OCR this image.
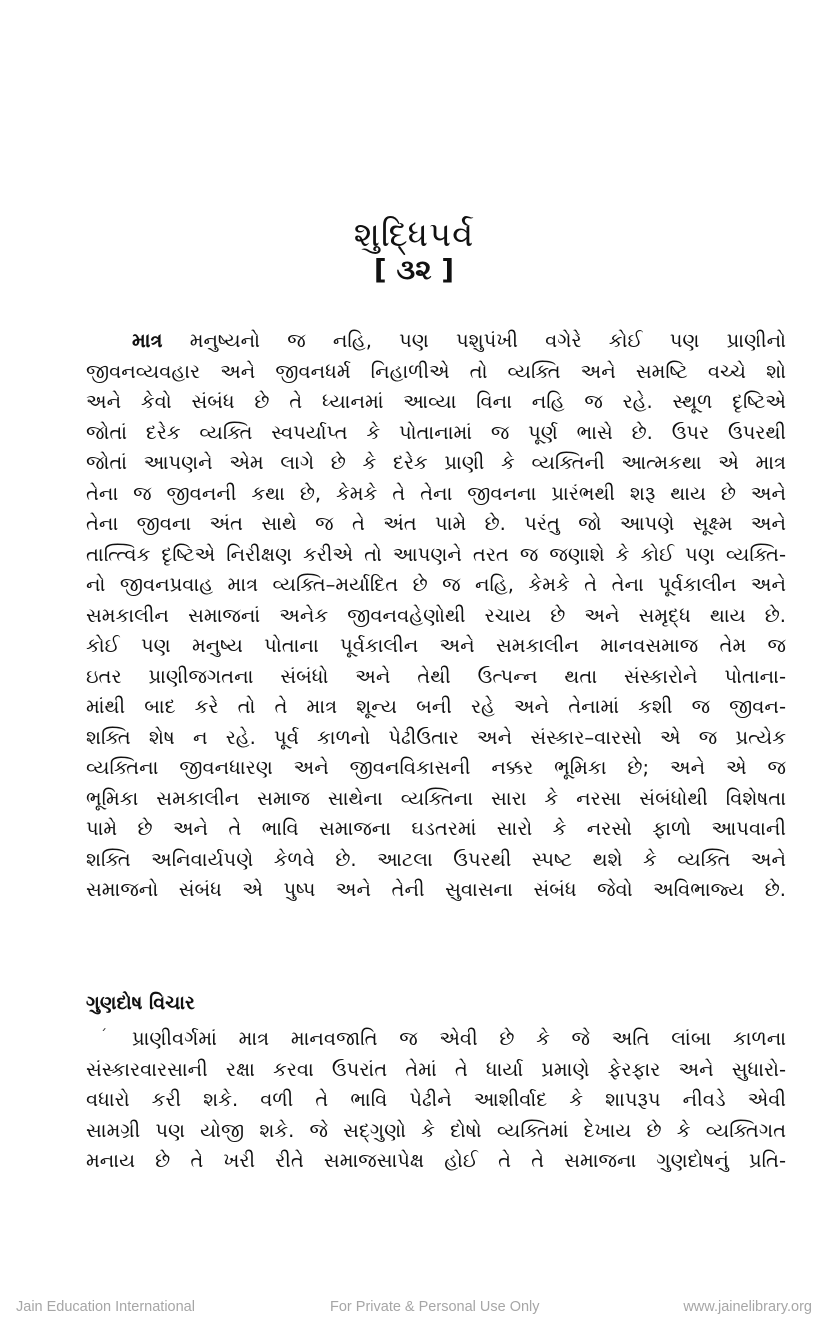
શુદ્ધિપર્વ
[ ૩૨ ]
માત્ર મનુષ્યનો જ નહિ, પણ પશુપંખી વગેરે કોઈ પણ પ્રાણીનો
જીવનવ્યવહાર અને જીવનધર્મ નિહાળીએ તો વ્યક્તિ અને સમષ્ટિ વચ્ચે શો
અને કેવો સંબંધ છે તે ધ્યાનમાં આવ્યા વિના નહિ જ રહે. સ્થૂળ દૃષ્ટિએ
જોતાં દરેક વ્યક્તિ સ્વપર્યાપ્ત કે પોતાનામાં જ પૂર્ણ ભાસે છે. ઉપર ઉપરથી
જોતાં આપણને એમ લાગે છે કે દરેક પ્રાણી કે વ્યક્તિની આત્મકથા એ માત્ર
તેના જ જીવનની કથા છે, કેમકે તે તેના જીવનના પ્રારંભથી શરૂ થાય છે અને
તેના જીવના અંત સાથે જ તે અંત પામે છે. પરંતુ જો આપણે સૂક્ષ્મ અને
તાત્ત્વિક દૃષ્ટિએ નિરીક્ષણ કરીએ તો આપણને તરત જ જણાશે કે કોઈ પણ વ્યક્તિ-
નો જીવનપ્રવાહ માત્ર વ્યક્તિ–મર્યાદિત છે જ નહિ, કેમકે તે તેના પૂર્વકાલીન અને
સમકાલીન સમાજનાં અનેક જીવનવહેણોથી રચાય છે અને સમૃદ્ધ થાય છે.
કોઈ પણ મનુષ્ય પોતાના પૂર્વકાલીન અને સમકાલીન માનવસમાજ તેમ જ
ઇતર પ્રાણીજગતના સંબંધો અને તેથી ઉત્પન્ન થતા સંસ્કારોને પોતાના-
માંથી બાદ કરે તો તે માત્ર શૂન્ય બની રહે અને તેનામાં કશી જ જીવન-
શક્તિ શેષ ન રહે. પૂર્વ કાળનો પેઢીઉતાર અને સંસ્કાર–વારસો એ જ પ્રત્યેક
વ્યક્તિના જીવનધારણ અને જીવનવિકાસની નક્કર ભૂમિકા છે; અને એ જ
ભૂમિકા સમકાલીન સમાજ સાથેના વ્યક્તિના સારા કે નરસા સંબંધોથી વિશેષતા
પામે છે અને તે ભાવિ સમાજના ઘડતરમાં સારો કે નરસો ફાળો આપવાની
શક્તિ અનિવાર્યપણે કેળવે છે. આટલા ઉપરથી સ્પષ્ટ થશે કે વ્યક્તિ અને
સમાજનો સંબંધ એ પુષ્પ અને તેની સુવાસના સંબંધ જેવો અવિભાજ્ય છે.
ગુણદોષ વિચાર
ˊ	પ્રાણીવર્ગમાં માત્ર માનવજાતિ જ એવી છે કે જે અતિ લાંબા કાળના
સંસ્કારવારસાની રક્ષા કરવા ઉપરાંત તેમાં તે ધાર્યા પ્રમાણે ફેરફાર અને સુધારો-
વધારો કરી શકે. વળી તે ભાવિ પેઢીને આશીર્વાદ કે શાપરૂપ નીવડે એવી
સામગ્રી પણ યોજી શકે. જે સદ્‌ગુણો કે દોષો વ્યક્તિમાં દેખાય છે કે વ્યક્તિગત
મનાય છે તે ખરી રીતે સમાજસાપેક્ષ હોઈ તે તે સમાજના ગુણદોષનું પ્રતિ-
Jain Education International	For Private & Personal Use Only	www.jainelibrary.org
